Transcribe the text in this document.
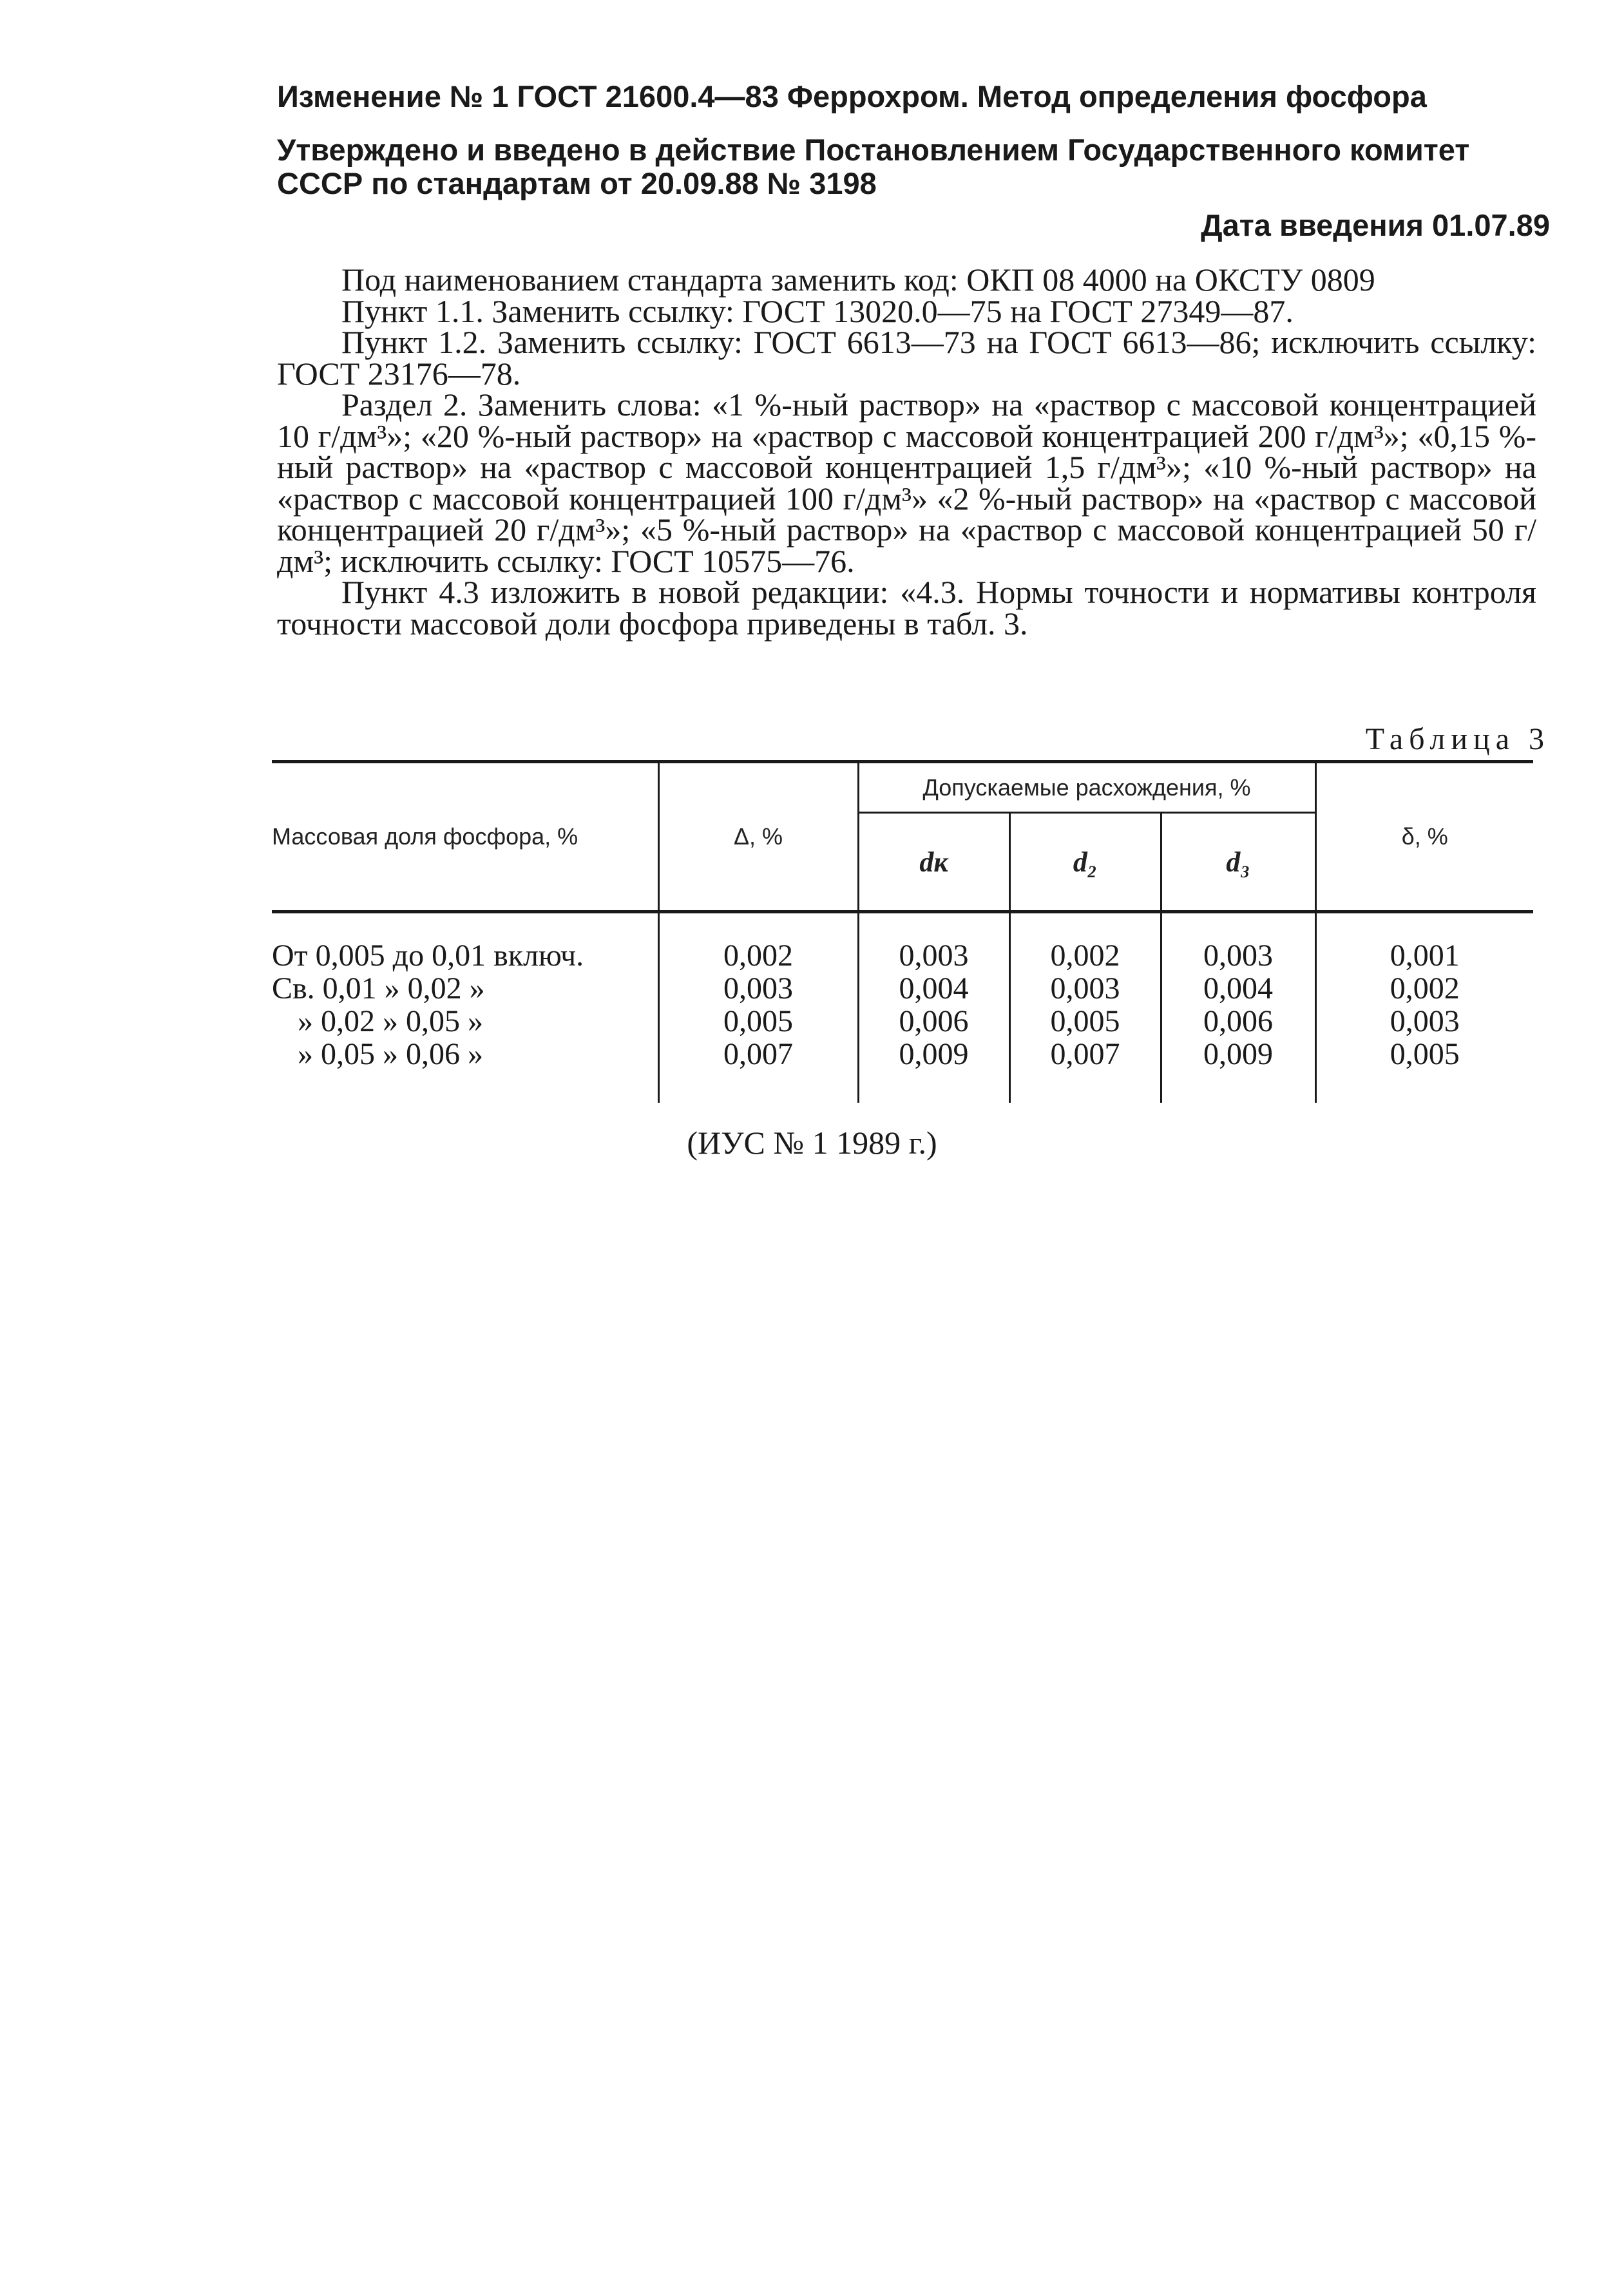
Изменение № 1 ГОСТ 21600.4—83 Феррохром. Метод определения фосфора
Утверждено и введено в действие Постановлением Государственного комитет
СССР по стандартам от 20.09.88 № 3198
Дата введения 01.07.89

Под наименованием стандарта заменить код: ОКП 08 4000 на ОКСТУ 0809

Пункт 1.1. Заменить ссылку: ГОСТ 13020.0—75 на ГОСТ 27349—87.

Пункт 1.2. Заменить ссылку: ГОСТ 6613—73 на ГОСТ 6613—86; исключить ссылку: ГОСТ 23176—78.

Раздел 2. Заменить слова: «1 %-ный раствор» на «раствор с массовой концентрацией 10 г/дм³»; «20 %-ный раствор» на «раствор с массовой концентрацией 200 г/дм³»; «0,15 %-ный раствор» на «раствор с массовой концентрацией 1,5 г/дм³»; «10 %-ный раствор» на «раствор с массовой концентрацией 100 г/дм³» «2 %-ный раствор» на «раствор с массовой концентрацией 20 г/дм³»; «5 %-ный раствор» на «раствор с массовой концентрацией 50 г/дм³; исключить ссылку: ГОСТ 10575—76.

Пункт 4.3 изложить в новой редакции: «4.3. Нормы точности и нормативы контроля точности массовой доли фосфора приведены в табл. 3.

Таблица 3

Массовая доля фосфора, %	Δ, %	Допускаемые расхождения, %			δ, %
		dк	d₂	d₃	

От 0,005 до 0,01 включ.	0,002	0,003	0,002	0,003	0,001
Св. 0,01 » 0,02 »	0,003	0,004	0,003	0,004	0,002
» 0,02 » 0,05 »	0,005	0,006	0,005	0,006	0,003
» 0,05 » 0,06 »	0,007	0,009	0,007	0,009	0,005

(ИУС № 1 1989 г.)
